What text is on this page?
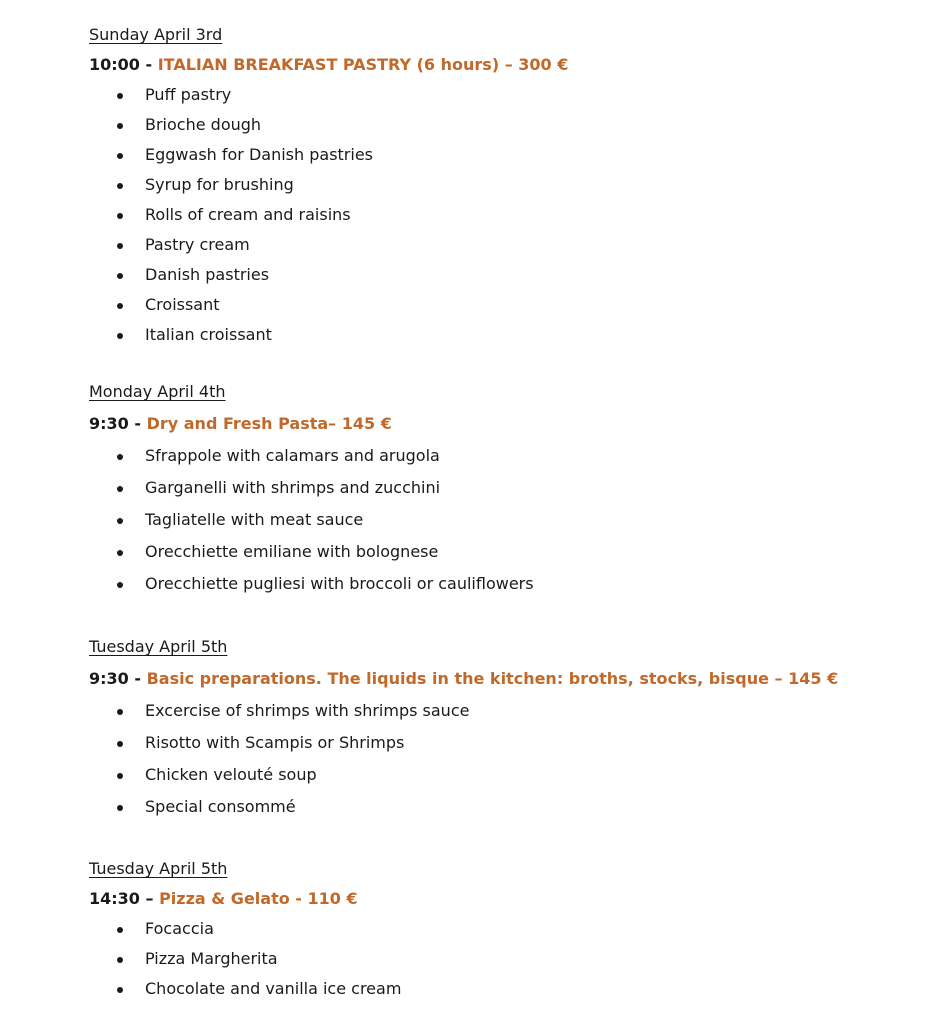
Sunday April 3rd

10:00 - ITALIAN BREAKFAST PASTRY (6 hours) – 300 €

Puff pastry
Brioche dough
Eggwash for Danish pastries
Syrup for brushing
Rolls of cream and raisins
Pastry cream
Danish pastries
Croissant
Italian croissant

Monday April 4th

9:30 - Dry and Fresh Pasta– 145 €

Sfrappole with calamars and arugola
Garganelli with shrimps and zucchini
Tagliatelle with meat sauce
Orecchiette emiliane with bolognese
Orecchiette pugliesi with broccoli or cauliflowers

Tuesday April 5th

9:30 - Basic preparations. The liquids in the kitchen: broths, stocks, bisque – 145 €

Excercise of shrimps with shrimps sauce
Risotto with Scampis or Shrimps
Chicken velouté soup
Special consommé

Tuesday April 5th

14:30 – Pizza & Gelato - 110 €

Focaccia
Pizza Margherita
Chocolate and vanilla ice cream
